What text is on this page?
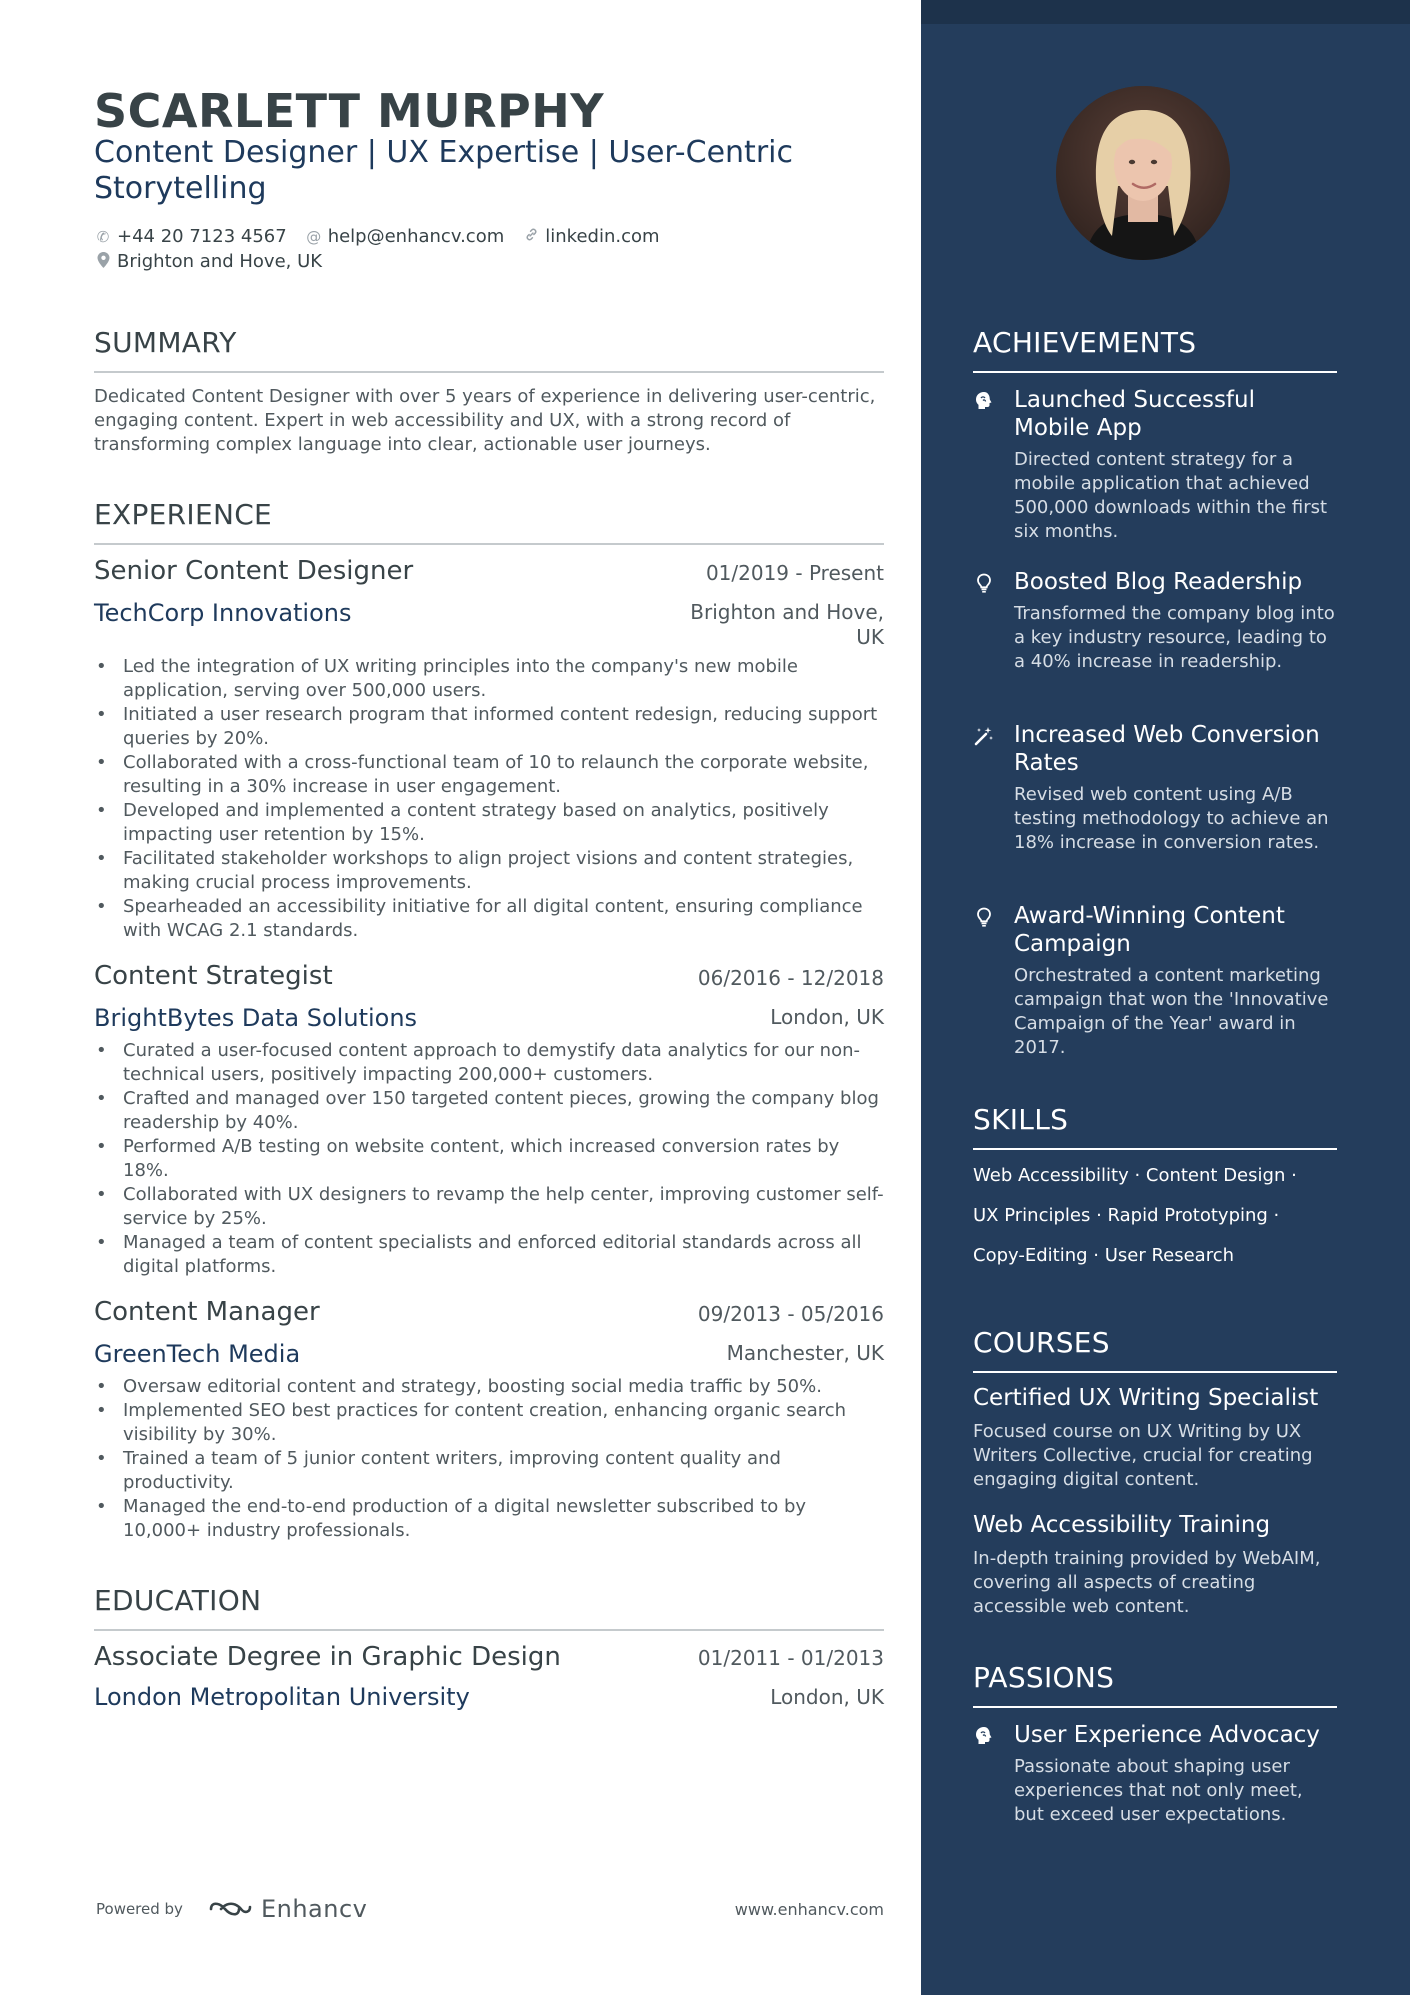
SCARLETT MURPHY
Content Designer | UX Expertise | User-Centric Storytelling
✆ +44 20 7123 4567 @ help@enhancv.com linkedin.com
Brighton and Hove, UK
SUMMARY
Dedicated Content Designer with over 5 years of experience in delivering user-centric, engaging content. Expert in web accessibility and UX, with a strong record of transforming complex language into clear, actionable user journeys.
EXPERIENCE
Senior Content Designer	01/2019 - Present
TechCorp Innovations	Brighton and Hove,
UK
• Led the integration of UX writing principles into the company's new mobile application, serving over 500,000 users.
• Initiated a user research program that informed content redesign, reducing support queries by 20%.
• Collaborated with a cross-functional team of 10 to relaunch the corporate website, resulting in a 30% increase in user engagement.
• Developed and implemented a content strategy based on analytics, positively impacting user retention by 15%.
• Facilitated stakeholder workshops to align project visions and content strategies, making crucial process improvements.
• Spearheaded an accessibility initiative for all digital content, ensuring compliance with WCAG 2.1 standards.
Content Strategist	06/2016 - 12/2018
BrightBytes Data Solutions	London, UK
• Curated a user-focused content approach to demystify data analytics for our non-technical users, positively impacting 200,000+ customers.
• Crafted and managed over 150 targeted content pieces, growing the company blog readership by 40%.
• Performed A/B testing on website content, which increased conversion rates by 18%.
• Collaborated with UX designers to revamp the help center, improving customer self-service by 25%.
• Managed a team of content specialists and enforced editorial standards across all digital platforms.
Content Manager	09/2013 - 05/2016
GreenTech Media	Manchester, UK
• Oversaw editorial content and strategy, boosting social media traffic by 50%.
• Implemented SEO best practices for content creation, enhancing organic search visibility by 30%.
• Trained a team of 5 junior content writers, improving content quality and productivity.
• Managed the end-to-end production of a digital newsletter subscribed to by 10,000+ industry professionals.
EDUCATION
Associate Degree in Graphic Design	01/2011 - 01/2013
London Metropolitan University	London, UK
Powered by	Enhancv	www.enhancv.com
ACHIEVEMENTS
Launched Successful Mobile App
Directed content strategy for a mobile application that achieved 500,000 downloads within the first six months.
Boosted Blog Readership
Transformed the company blog into a key industry resource, leading to a 40% increase in readership.
Increased Web Conversion Rates
Revised web content using A/B testing methodology to achieve an 18% increase in conversion rates.
Award-Winning Content Campaign
Orchestrated a content marketing campaign that won the 'Innovative Campaign of the Year' award in 2017.
SKILLS
Web Accessibility · Content Design ·
UX Principles · Rapid Prototyping ·
Copy-Editing · User Research
COURSES
Certified UX Writing Specialist
Focused course on UX Writing by UX Writers Collective, crucial for creating engaging digital content.
Web Accessibility Training
In-depth training provided by WebAIM, covering all aspects of creating accessible web content.
PASSIONS
User Experience Advocacy
Passionate about shaping user experiences that not only meet, but exceed user expectations.
